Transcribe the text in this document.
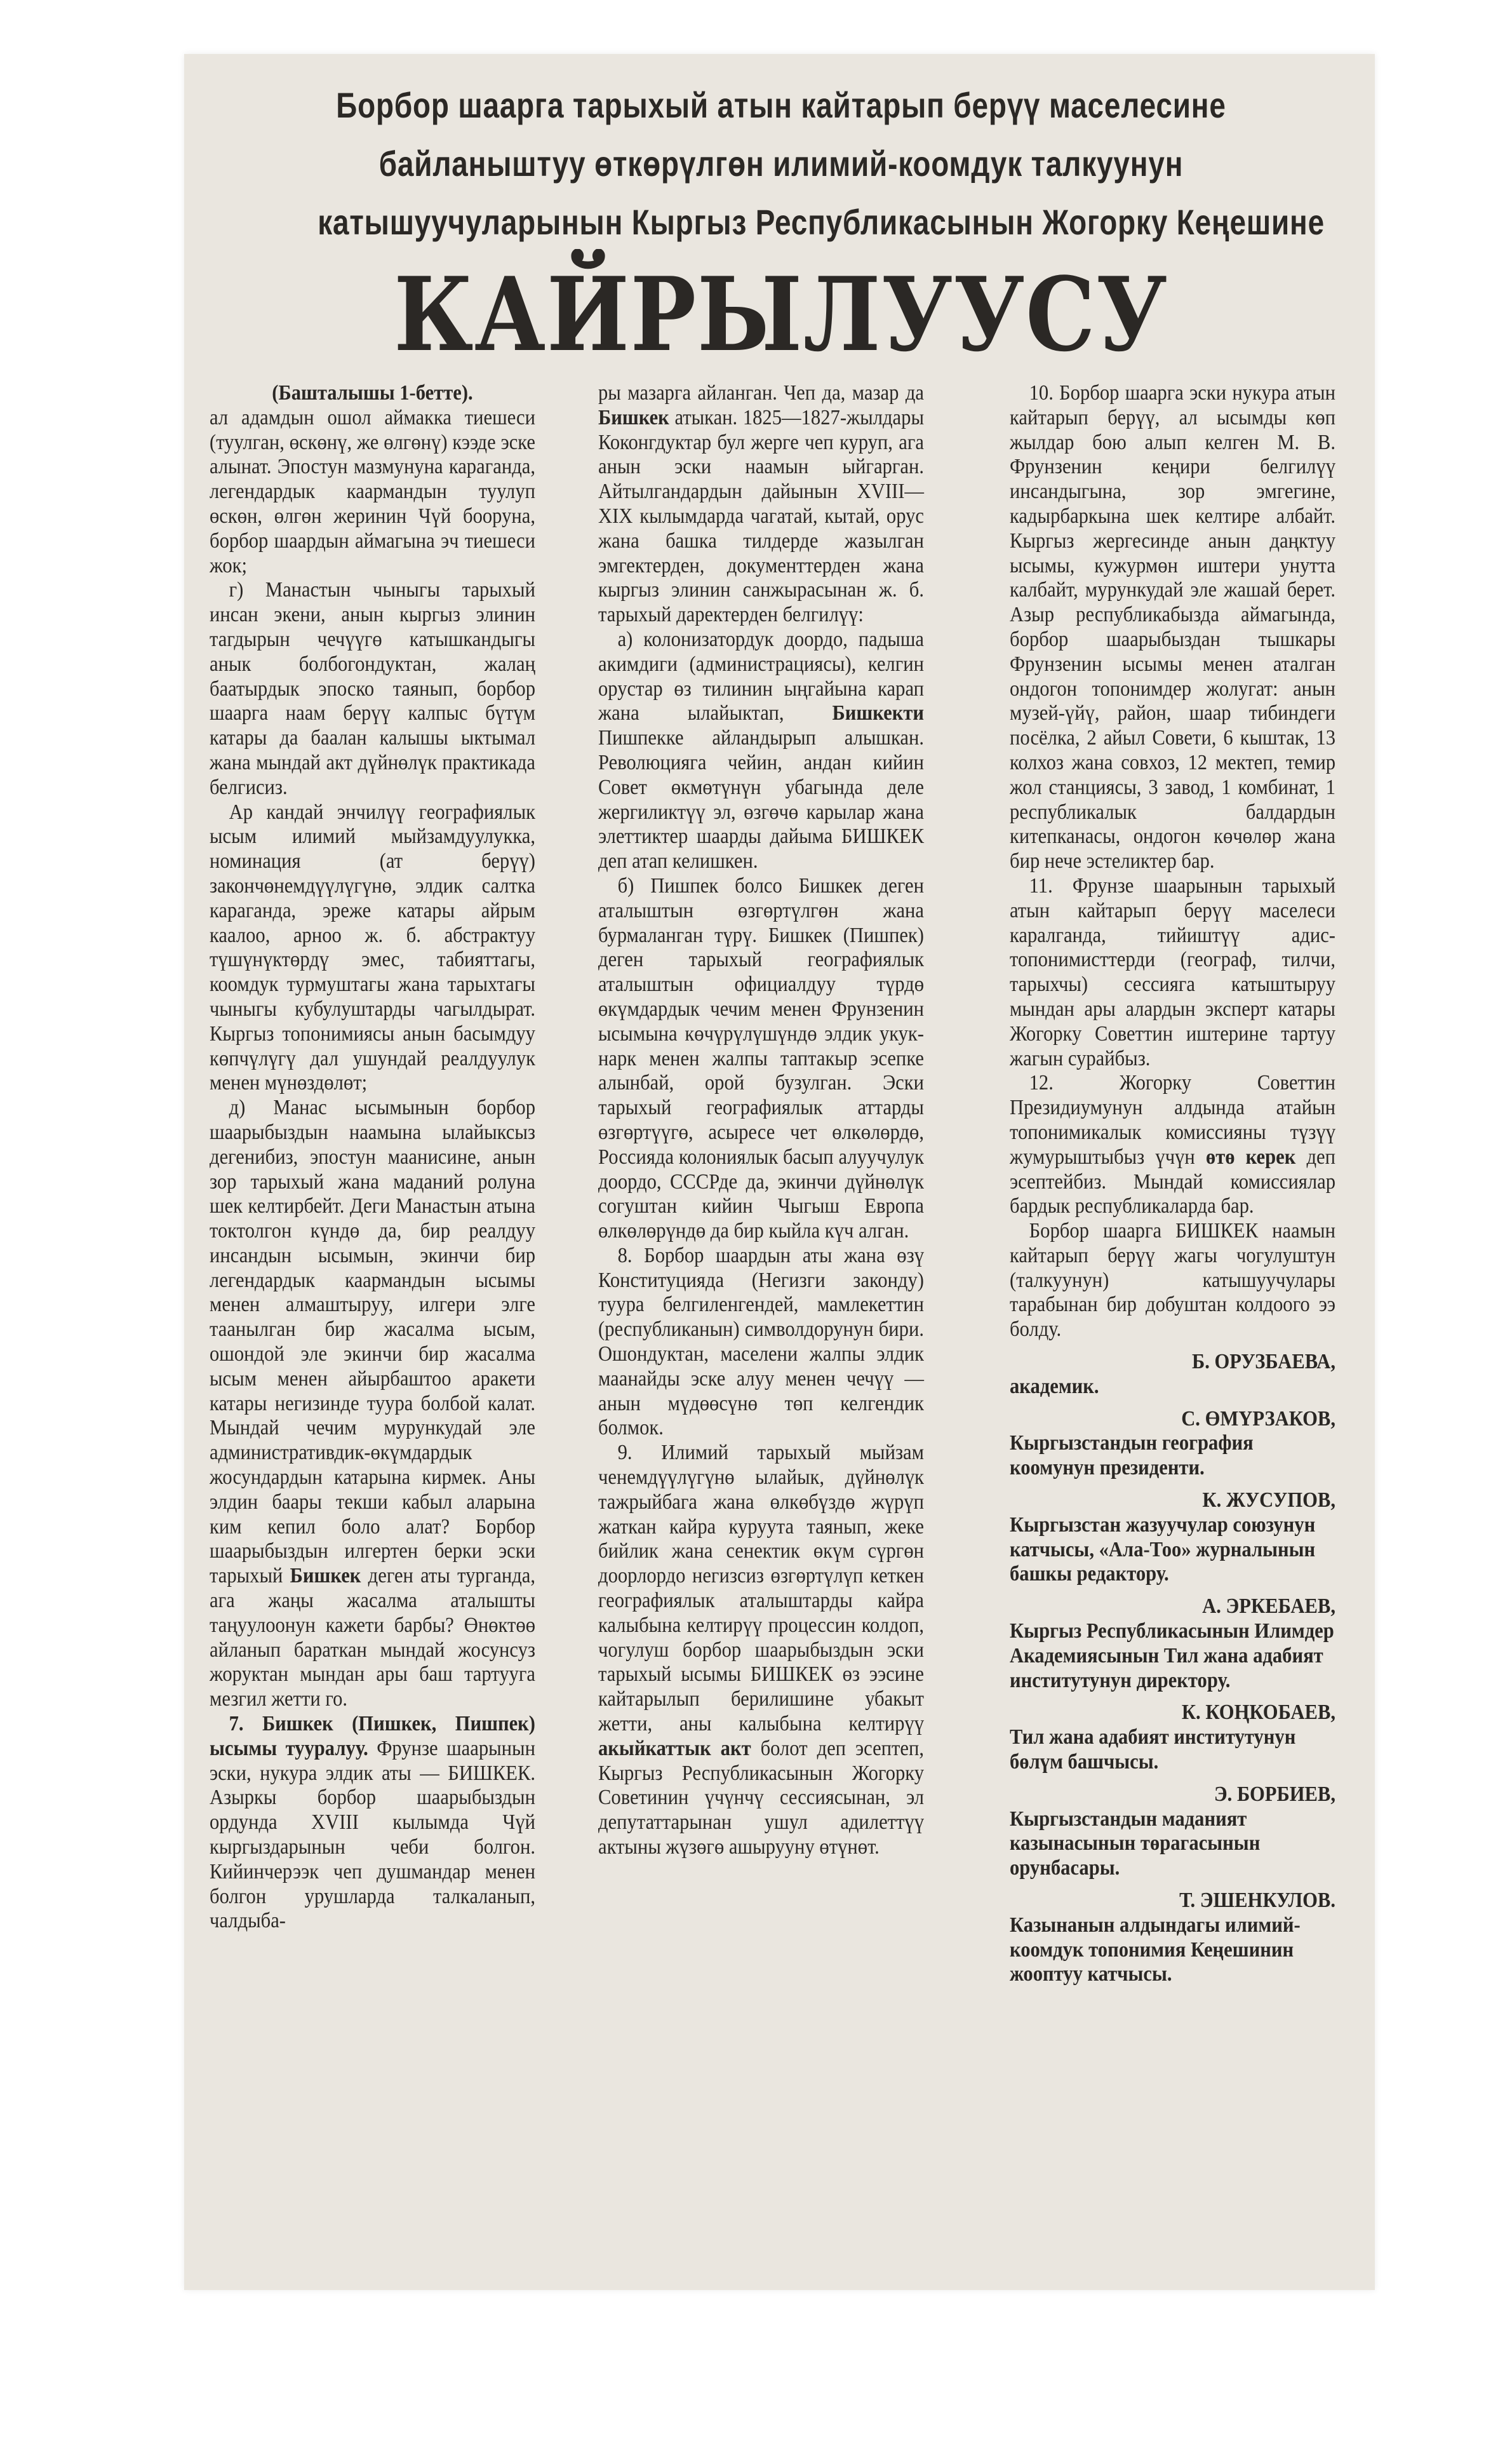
Борбор шаарга тарыхый атын кайтарып берүү маселесине
байланыштуу өткөрүлгөн илимий-коомдук талкуунун
катышуучуларынын Кыргыз Республикасынын Жогорку Кеңешине
КАЙРЫЛУУСУ

(Башталышы 1-бетте).

ал адамдын ошол аймакка тиешеси (туулган, өскөнү, же өлгөнү) кээде эске алынат. Эпостун мазмунуна караганда, легендардык каармандын туулуп өскөн, өлгөн жеринин Чүй бооруна, борбор шаардын аймагына эч тиешеси жок;

г) Манастын чыныгы тарыхый инсан экени, анын кыргыз элинин тагдырын чечүүгө катышкандыгы анык болбогондуктан, жалаң баатырдык эпоско таянып, борбор шаарга наам берүү калпыс бүтүм катары да баалан калышы ыктымал жана мындай акт дүйнөлүк практикада белгисиз.

Ар кандай энчилүү географиялык ысым илимий мыйзамдуулукка, номинация (ат берүү) закончөнемдүүлүгүнө, элдик салтка караганда, эреже катары айрым каалоо, арноо ж. б. абстрактуу түшүнүктөрдү эмес, табияттагы, коомдук турмуштагы жана тарыхтагы чыныгы кубулуштарды чагылдырат. Кыргыз топонимиясы анын басымдуу көпчүлүгү дал ушундай реалдуулук менен мүнөздөлөт;

д) Манас ысымынын борбор шаарыбыздын наамына ылайыксыз дегенибиз, эпостун маанисине, анын зор тарыхый жана маданий ролуна шек келтирбейт. Деги Манастын атына токтолгон күндө да, бир реалдуу инсандын ысымын, экинчи бир легендардык каармандын ысымы менен алмаштыруу, илгери элге таанылган бир жасалма ысым, ошондой эле экинчи бир жасалма ысым менен айырбаштоо аракети катары негизинде туура болбой калат. Мындай чечим мурункудай эле административдик-өкүмдардык жосундардын катарына кирмек. Аны элдин баары текши кабыл аларына ким кепил боло алат? Борбор шаарыбыздын илгертен берки эски тарыхый Бишкек деген аты турганда, ага жаңы жасалма аталышты таңуулоонун кажети барбы? Өнөктөө айланып бараткан мындай жосунсуз жоруктан мындан ары баш тартууга мезгил жетти го.

7. Бишкек (Пишкек, Пишпек) ысымы тууралуу. Фрунзе шаарынын эски, нукура элдик аты — БИШКЕК. Азыркы борбор шаарыбыздын ордунда XVIII кылымда Чүй кыргыздарынын чеби болгон. Кийинчерээк чеп душмандар менен болгон урушларда талкаланып, чалдыба-

ры мазарга айланган. Чеп да, мазар да Бишкек атыкан. 1825—1827-жылдары Коконгдуктар бул жерге чеп куруп, ага анын эски наамын ыйгарган. Айтылгандардын дайынын XVIII—XIX кылымдарда чагатай, кытай, орус жана башка тилдерде жазылган эмгектерден, документтерден жана кыргыз элинин санжырасынан ж. б. тарыхый даректерден белгилүү:

а) колонизатордук доордо, падыша акимдиги (администрациясы), келгин орустар өз тилинин ыңгайына карап жана ылайыктап, Бишкекти Пишпекке айландырып алышкан. Революцияга чейин, андан кийин Совет өкмөтүнүн убагында деле жергиликтүү эл, өзгөчө карылар жана элеттиктер шаарды дайыма БИШКЕК деп атап келишкен.

б) Пишпек болсо Бишкек деген аталыштын өзгөртүлгөн жана бурмаланган түрү. Бишкек (Пишпек) деген тарыхый географиялык аталыштын официалдуу түрдө өкүмдардык чечим менен Фрунзенин ысымына көчүрүлүшүндө элдик укук-нарк менен жалпы таптакыр эсепке алынбай, орой бузулган. Эски тарыхый географиялык аттарды өзгөртүүгө, асыресе чет өлкөлөрдө, Россияда колониялык басып алуучулук доордо, СССРде да, экинчи дүйнөлүк согуштан кийин Чыгыш Европа өлкөлөрүндө да бир кыйла күч алган.

8. Борбор шаардын аты жана өзү Конституцияда (Негизги законду) туура белгиленгендей, мамлекеттин (республиканын) символдорунун бири. Ошондуктан, маселени жалпы элдик маанайды эске алуу менен чечүү — анын мүдөөсүнө төп келгендик болмок.

9. Илимий тарыхый мыйзам ченемдүүлүгүнө ылайык, дүйнөлүк тажрыйбага жана өлкөбүздө жүрүп жаткан кайра куруута таянып, жеке бийлик жана сенектик өкүм сүргөн доорлордо негизсиз өзгөртүлүп кеткен географиялык аталыштарды кайра калыбына келтирүү процессин колдоп, чогулуш борбор шаарыбыздын эски тарыхый ысымы БИШКЕК өз ээсине кайтарылып берилишине убакыт жетти, аны калыбына келтирүү акыйкаттык акт болот деп эсептеп, Кыргыз Республикасынын Жогорку Советинин үчүнчү сессиясынан, эл депутаттарынан ушул адилеттүү актыны жүзөгө ашырууну өтүнөт.

10. Борбор шаарга эски нукура атын кайтарып берүү, ал ысымды көп жылдар бою алып келген М. В. Фрунзенин кеңири белгилүү инсандыгына, зор эмгегине, кадырбаркына шек келтире албайт. Кыргыз жергесинде анын даңктуу ысымы, кужурмөн иштери унутта калбайт, мурункудай эле жашай берет. Азыр республикабызда аймагында, борбор шаарыбыздан тышкары Фрунзенин ысымы менен аталган ондогон топонимдер жолугат: анын музей-үйү, район, шаар тибиндеги посёлка, 2 айыл Совети, 6 кыштак, 13 колхоз жана совхоз, 12 мектеп, темир жол станциясы, 3 завод, 1 комбинат, 1 республикалык балдардын китепканасы, ондогон көчөлөр жана бир нече эстеликтер бар.

11. Фрунзе шаарынын тарыхый атын кайтарып берүү маселеси каралганда, тийиштүү адис-топонимисттерди (географ, тилчи, тарыхчы) сессияга катыштыруу мындан ары алардын эксперт катары Жогорку Советтин иштерине тартуу жагын сурайбыз.

12. Жогорку Советтин Президиумунун алдында атайын топонимикалык комиссияны түзүү жумурыштыбыз үчүн өтө керек деп эсептейбиз. Мындай комиссиялар бардык республикаларда бар.

Борбор шаарга БИШКЕК наамын кайтарып берүү жагы чогулуштун (талкуунун) катышуучулары тарабынан бир добуштан колдоого ээ болду.

Б. ОРУЗБАЕВА,
академик.
С. ӨМҮРЗАКОВ,
Кыргызстандын география коомунун президенти.
К. ЖУСУПОВ,
Кыргызстан жазуучулар союзунун катчысы, «Ала-Тоо» журналынын башкы редактору.
А. ЭРКЕБАЕВ,
Кыргыз Республикасынын Илимдер Академиясынын Тил жана адабият институтунун директору.
К. КОҢКОБАЕВ,
Тил жана адабият институтунун бөлүм башчысы.
Э. БОРБИЕВ,
Кыргызстандын маданият казынасынын төрагасынын орунбасары.
Т. ЭШЕНКУЛОВ.
Казынанын алдындагы илимий-коомдук топонимия Кеңешинин жооптуу катчысы.
